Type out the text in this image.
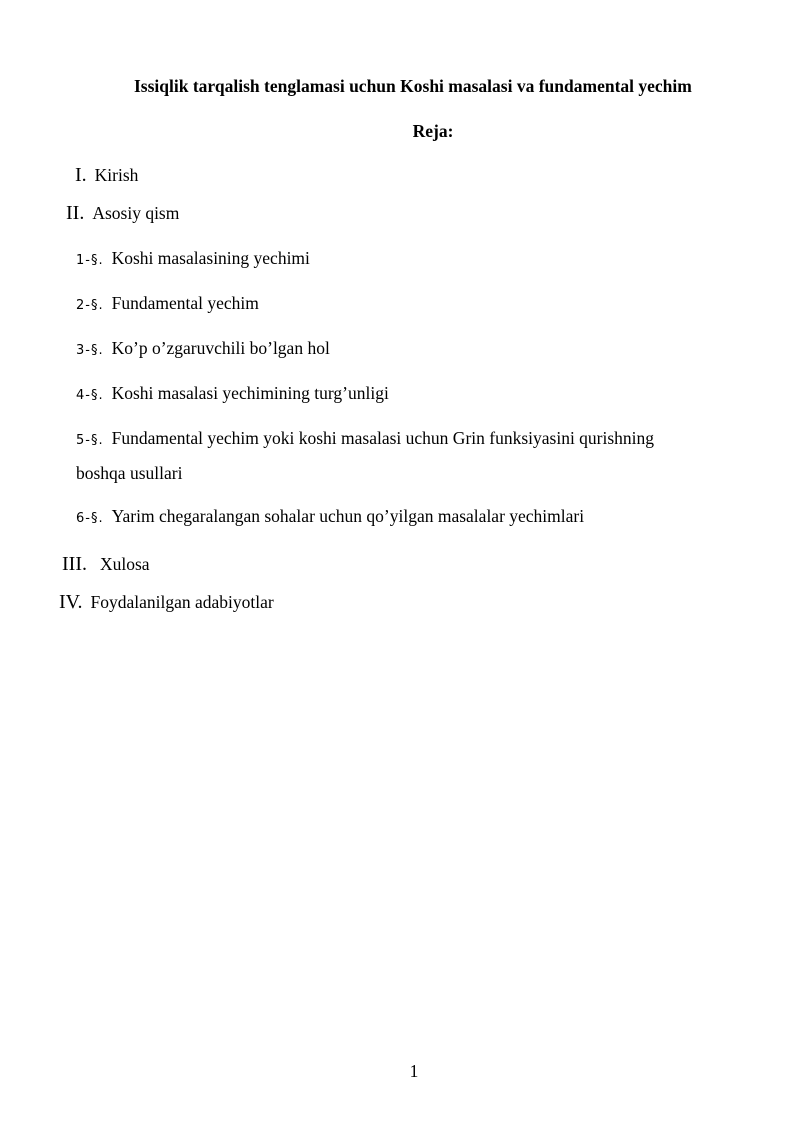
Issiqlik tarqalish tenglamasi uchun Koshi masalasi va fundamental yechim
Reja:
I. Kirish
II. Asosiy qism
1-§. Koshi masalasining yechimi
2-§. Fundamental yechim
3-§. Ko’p o’zgaruvchili bo’lgan hol
4-§. Koshi masalasi yechimining turg’unligi
5-§. Fundamental yechim yoki koshi masalasi uchun Grin funksiyasini qurishning
boshqa usullari
6-§. Yarim chegaralangan sohalar uchun qo’yilgan masalalar yechimlari
III. Xulosa
IV. Foydalanilgan adabiyotlar
1
